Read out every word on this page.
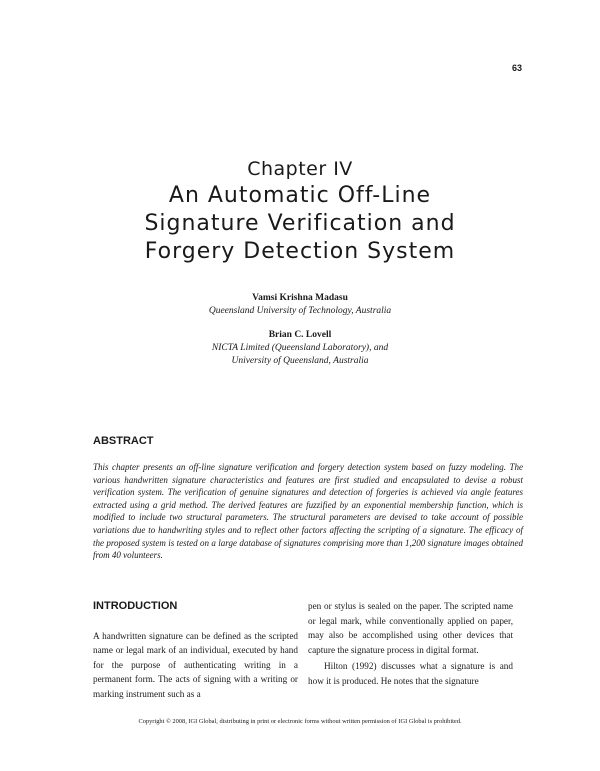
63
Chapter IV
An Automatic Off-Line
Signature Verification and
Forgery Detection System
Vamsi Krishna Madasu
Queensland University of Technology, Australia
Brian C. Lovell
NICTA Limited (Queensland Laboratory), and
University of Queensland, Australia
ABSTRACT

This chapter presents an off-line signature verification and forgery detection system based on fuzzy modeling. The various handwritten signature characteristics and features are first studied and encapsulated to devise a robust verification system. The verification of genuine signatures and detection of forgeries is achieved via angle features extracted using a grid method. The derived features are fuzzified by an exponential membership function, which is modified to include two structural parameters. The structural parameters are devised to take account of possible variations due to handwriting styles and to reflect other factors affecting the scripting of a signature. The efficacy of the proposed system is tested on a large database of signatures comprising more than 1,200 signature images obtained from 40 volunteers.

INTRODUCTION

A handwritten signature can be defined as the scripted name or legal mark of an individual, executed by hand for the purpose of authenticating writing in a permanent form. The acts of signing with a writing or marking instrument such as a

pen or stylus is sealed on the paper. The scripted name or legal mark, while conventionally applied on paper, may also be accomplished using other devices that capture the signature process in digital format.

Hilton (1992) discusses what a signature is and how it is produced. He notes that the signature

Copyright © 2008, IGI Global, distributing in print or electronic forms without written permission of IGI Global is prohibited.
